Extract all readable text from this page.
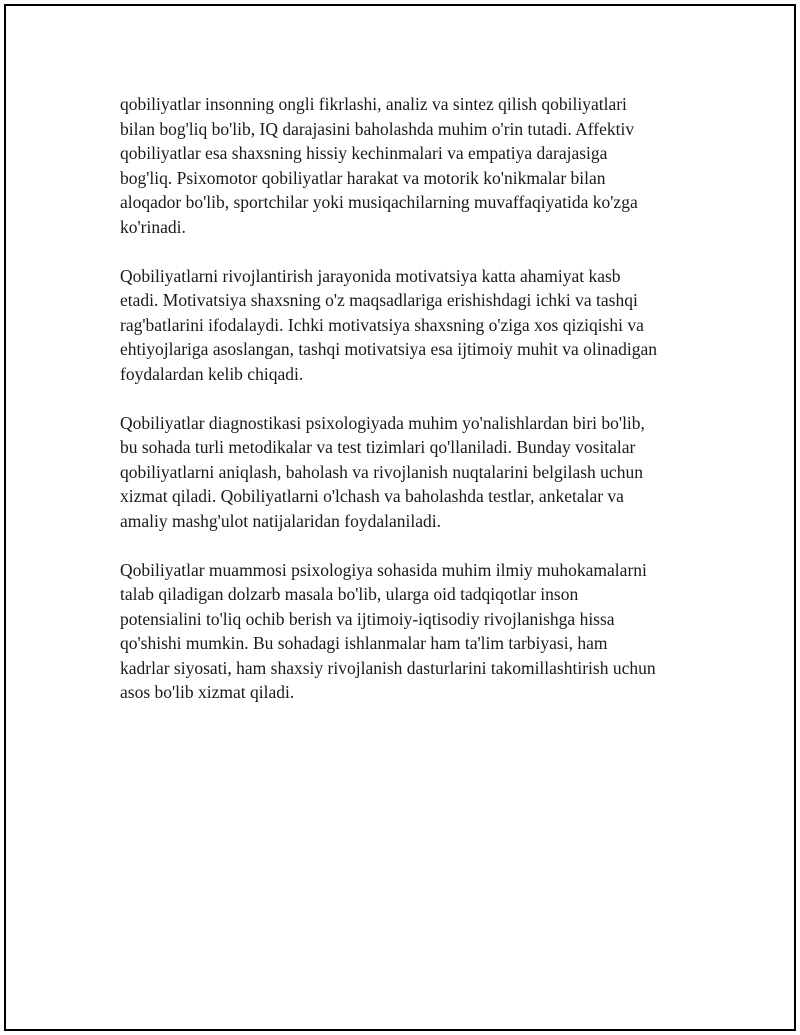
qobiliyatlar insonning ongli fikrlashi, analiz va sintez qilish qobiliyatlari
bilan bog'liq bo'lib, IQ darajasini baholashda muhim o'rin tutadi. Affektiv
qobiliyatlar esa shaxsning hissiy kechinmalari va empatiya darajasiga
bog'liq. Psixomotor qobiliyatlar harakat va motorik ko'nikmalar bilan
aloqador bo'lib, sportchilar yoki musiqachilarning muvaffaqiyatida ko'zga
ko'rinadi.

Qobiliyatlarni rivojlantirish jarayonida motivatsiya katta ahamiyat kasb
etadi. Motivatsiya shaxsning o'z maqsadlariga erishishdagi ichki va tashqi
rag'batlarini ifodalaydi. Ichki motivatsiya shaxsning o'ziga xos qiziqishi va
ehtiyojlariga asoslangan, tashqi motivatsiya esa ijtimoiy muhit va olinadigan
foydalardan kelib chiqadi.

Qobiliyatlar diagnostikasi psixologiyada muhim yo'nalishlardan biri bo'lib,
bu sohada turli metodikalar va test tizimlari qo'llaniladi. Bunday vositalar
qobiliyatlarni aniqlash, baholash va rivojlanish nuqtalarini belgilash uchun
xizmat qiladi. Qobiliyatlarni o'lchash va baholashda testlar, anketalar va
amaliy mashg'ulot natijalaridan foydalaniladi.

Qobiliyatlar muammosi psixologiya sohasida muhim ilmiy muhokamalarni
talab qiladigan dolzarb masala bo'lib, ularga oid tadqiqotlar inson
potensialini to'liq ochib berish va ijtimoiy-iqtisodiy rivojlanishga hissa
qo'shishi mumkin. Bu sohadagi ishlanmalar ham ta'lim tarbiyasi, ham
kadrlar siyosati, ham shaxsiy rivojlanish dasturlarini takomillashtirish uchun
asos bo'lib xizmat qiladi.
